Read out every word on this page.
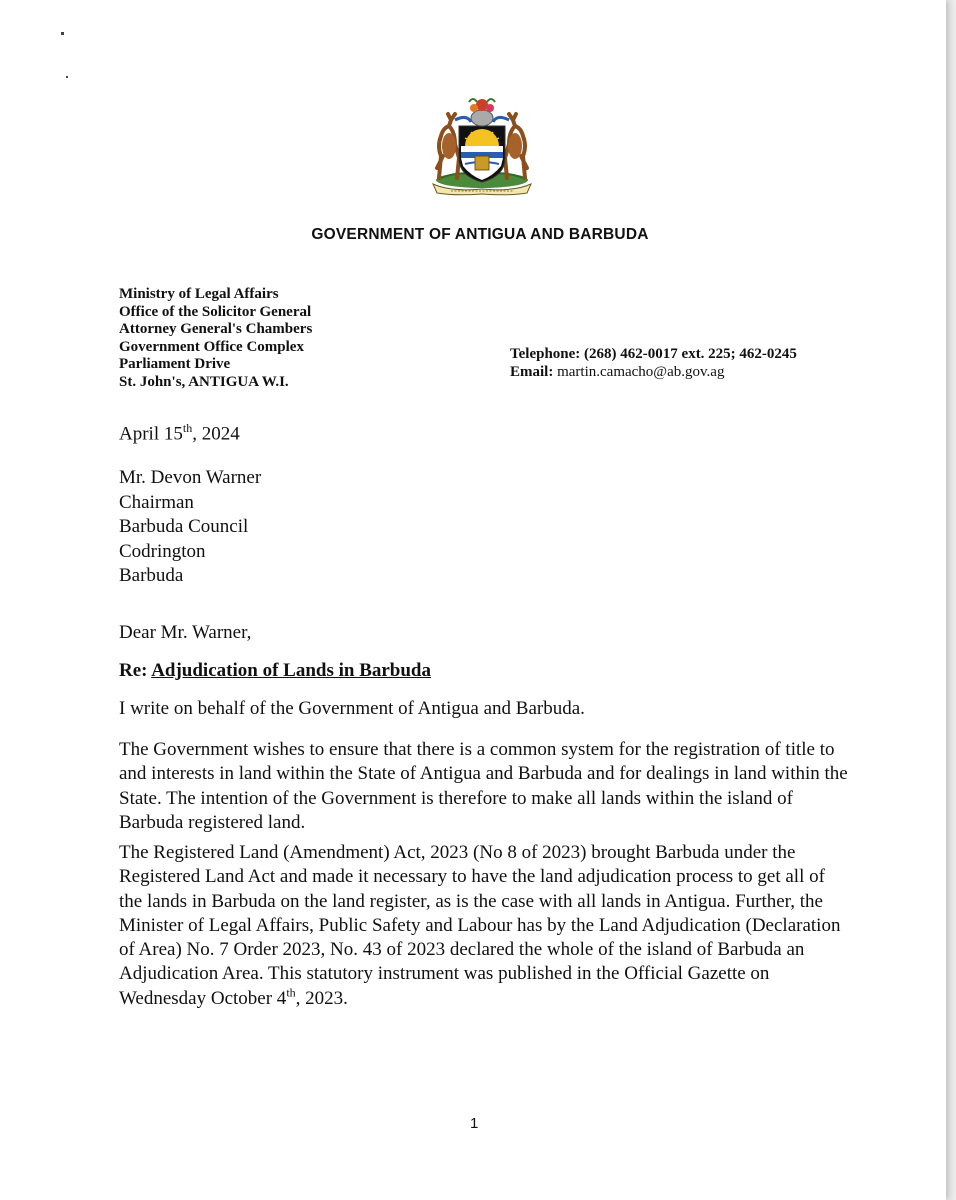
GOVERNMENT OF ANTIGUA AND BARBUDA
Ministry of Legal Affairs
Office of the Solicitor General
Attorney General's Chambers
Government Office Complex
Parliament Drive
St. John's, ANTIGUA W.I.
Telephone: (268) 462-0017 ext. 225; 462-0245
Email: martin.camacho@ab.gov.ag
April 15th, 2024
Mr. Devon Warner
Chairman
Barbuda Council
Codrington
Barbuda
Dear Mr. Warner,
Re: Adjudication of Lands in Barbuda
I write on behalf of the Government of Antigua and Barbuda.
The Government wishes to ensure that there is a common system for the registration of title to and interests in land within the State of Antigua and Barbuda and for dealings in land within the State. The intention of the Government is therefore to make all lands within the island of Barbuda registered land.
The Registered Land (Amendment) Act, 2023 (No 8 of 2023) brought Barbuda under the Registered Land Act and made it necessary to have the land adjudication process to get all of the lands in Barbuda on the land register, as is the case with all lands in Antigua. Further, the Minister of Legal Affairs, Public Safety and Labour has by the Land Adjudication (Declaration of Area) No. 7 Order 2023, No. 43 of 2023 declared the whole of the island of Barbuda an Adjudication Area. This statutory instrument was published in the Official Gazette on Wednesday October 4th, 2023.
1
